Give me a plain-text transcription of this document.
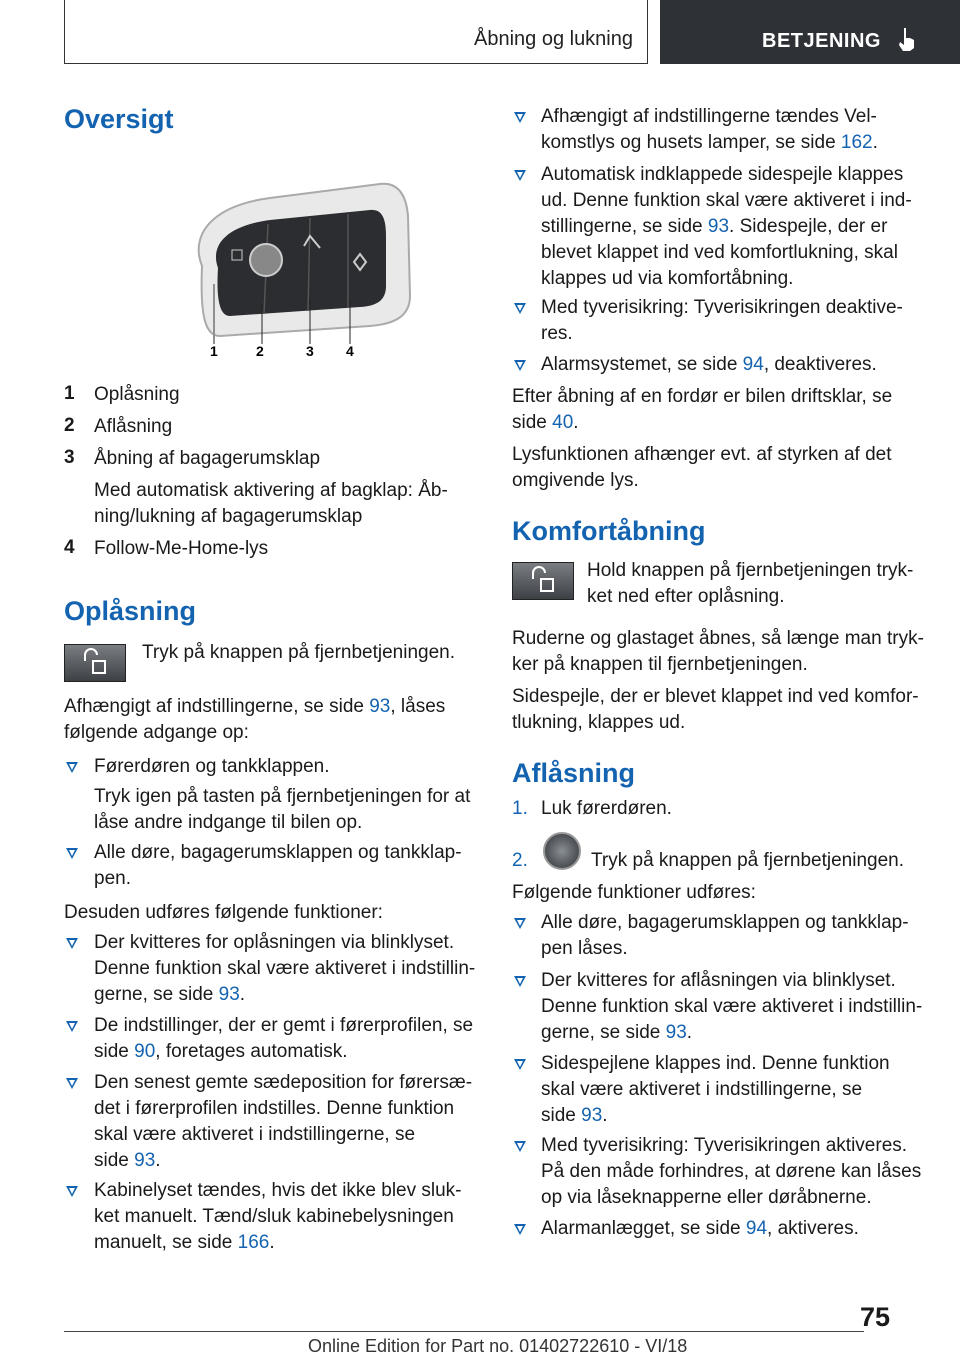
Åbning og lukning	BETJENING
Oversigt
1	2	3 4
1 Oplåsning
2 Aflåsning
3 Åbning af bagagerumsklap
Med automatisk aktivering af bagklap: Åb-
ning/lukning af bagagerumsklap
4 Follow-Me-Home-lys
Oplåsning
Tryk på knappen på fjernbetjeningen.
Afhængigt af indstillingerne, se side 93, låses
følgende adgange op:
Førerdøren og tankklappen.
Tryk igen på tasten på fjernbetjeningen for at
låse andre indgange til bilen op.
Alle døre, bagagerumsklappen og tankklap-
pen.
Desuden udføres følgende funktioner:
Der kvitteres for oplåsningen via blinklyset.
Denne funktion skal være aktiveret i indstillin-
gerne, se side 93.
De indstillinger, der er gemt i førerprofilen, se
side 90, foretages automatisk.
Den senest gemte sædeposition for førersæ-
det i førerprofilen indstilles. Denne funktion
skal være aktiveret i indstillingerne, se
side 93.
Kabinelyset tændes, hvis det ikke blev sluk-
ket manuelt. Tænd/sluk kabinebelysningen
manuelt, se side 166.
Afhængigt af indstillingerne tændes Vel-
komstlys og husets lamper, se side 162.
Automatisk indklappede sidespejle klappes
ud. Denne funktion skal være aktiveret i ind-
stillingerne, se side 93. Sidespejle, der er
blevet klappet ind ved komfortlukning, skal
klappes ud via komfortåbning.
Med tyverisikring: Tyverisikringen deaktive-
res.
Alarmsystemet, se side 94, deaktiveres.
Efter åbning af en fordør er bilen driftsklar, se
side 40.
Lysfunktionen afhænger evt. af styrken af det
omgivende lys.
Komfortåbning
Hold knappen på fjernbetjeningen tryk-
ket ned efter oplåsning.
Ruderne og glastaget åbnes, så længe man tryk-
ker på knappen til fjernbetjeningen.
Sidespejle, der er blevet klappet ind ved komfor-
tlukning, klappes ud.
Aflåsning
1. Luk førerdøren.
2.	Tryk på knappen på fjernbetjeningen.
Følgende funktioner udføres:
Alle døre, bagagerumsklappen og tankklap-
pen låses.
Der kvitteres for aflåsningen via blinklyset.
Denne funktion skal være aktiveret i indstillin-
gerne, se side 93.
Sidespejlene klappes ind. Denne funktion
skal være aktiveret i indstillingerne, se
side 93.
Med tyverisikring: Tyverisikringen aktiveres.
På den måde forhindres, at dørene kan låses
op via låseknapperne eller døråbnerne.
Alarmanlægget, se side 94, aktiveres.
75
Online Edition for Part no. 01402722610 - VI/18
